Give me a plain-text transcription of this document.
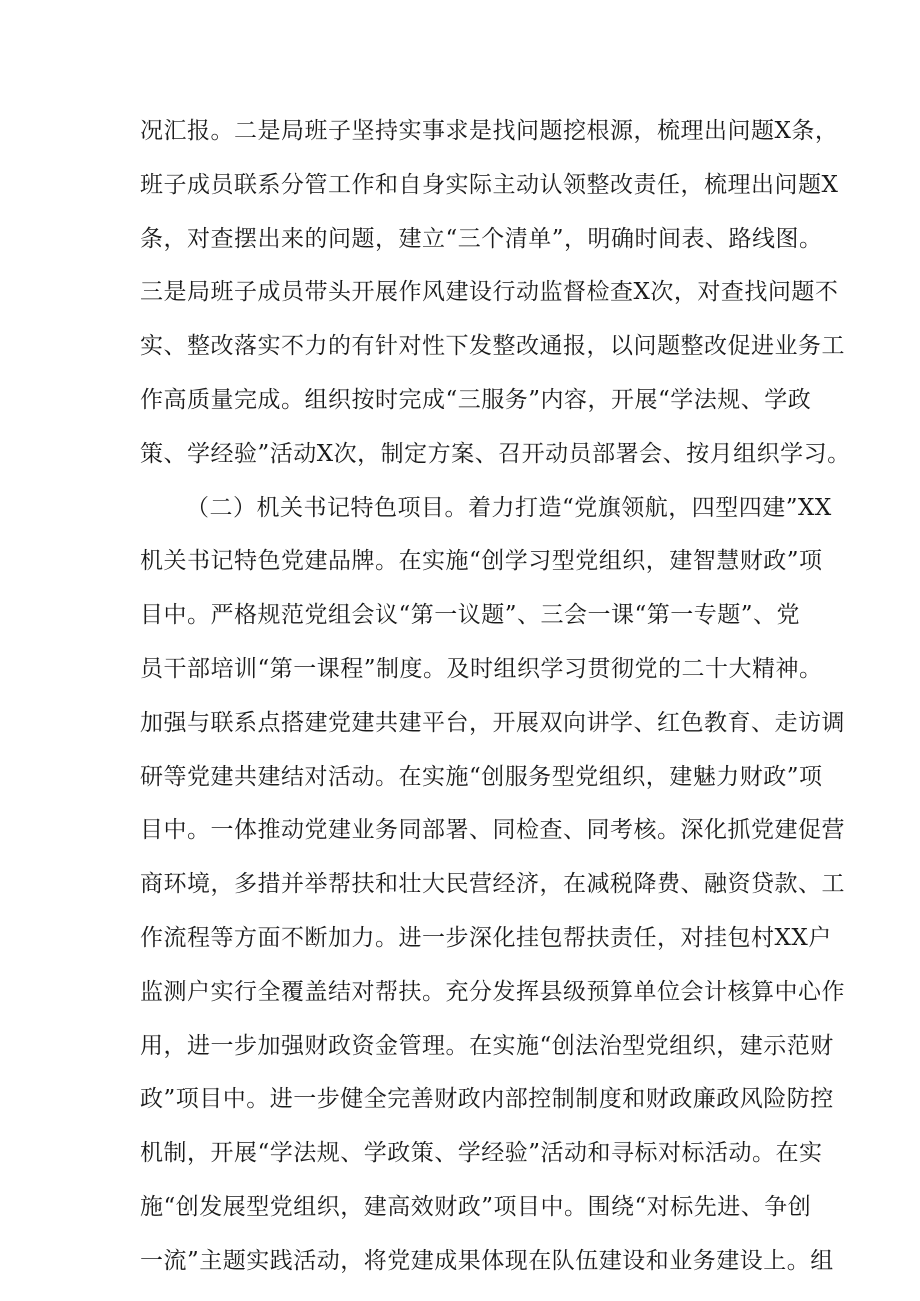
况汇报。二是局班子坚持实事求是找问题挖根源，梳理出问题X条，
班子成员联系分管工作和自身实际主动认领整改责任，梳理出问题X
条，对查摆出来的问题，建立“三个清单”，明确时间表、路线图。
三是局班子成员带头开展作风建设行动监督检查X次，对查找问题不
实、整改落实不力的有针对性下发整改通报，以问题整改促进业务工
作高质量完成。组织按时完成“三服务”内容，开展“学法规、学政
策、学经验”活动X次，制定方案、召开动员部署会、按月组织学习。
（二）机关书记特色项目。着力打造“党旗领航，四型四建”XX
机关书记特色党建品牌。在实施“创学习型党组织，建智慧财政”项
目中。严格规范党组会议“第一议题”、三会一课“第一专题”、党
员干部培训“第一课程”制度。及时组织学习贯彻党的二十大精神。
加强与联系点搭建党建共建平台，开展双向讲学、红色教育、走访调
研等党建共建结对活动。在实施“创服务型党组织，建魅力财政”项
目中。一体推动党建业务同部署、同检查、同考核。深化抓党建促营
商环境，多措并举帮扶和壮大民营经济，在减税降费、融资贷款、工
作流程等方面不断加力。进一步深化挂包帮扶责任，对挂包村XX户
监测户实行全覆盖结对帮扶。充分发挥县级预算单位会计核算中心作
用，进一步加强财政资金管理。在实施“创法治型党组织，建示范财
政”项目中。进一步健全完善财政内部控制制度和财政廉政风险防控
机制，开展“学法规、学政策、学经验”活动和寻标对标活动。在实
施“创发展型党组织，建高效财政”项目中。围绕“对标先进、争创
一流”主题实践活动，将党建成果体现在队伍建设和业务建设上。组
